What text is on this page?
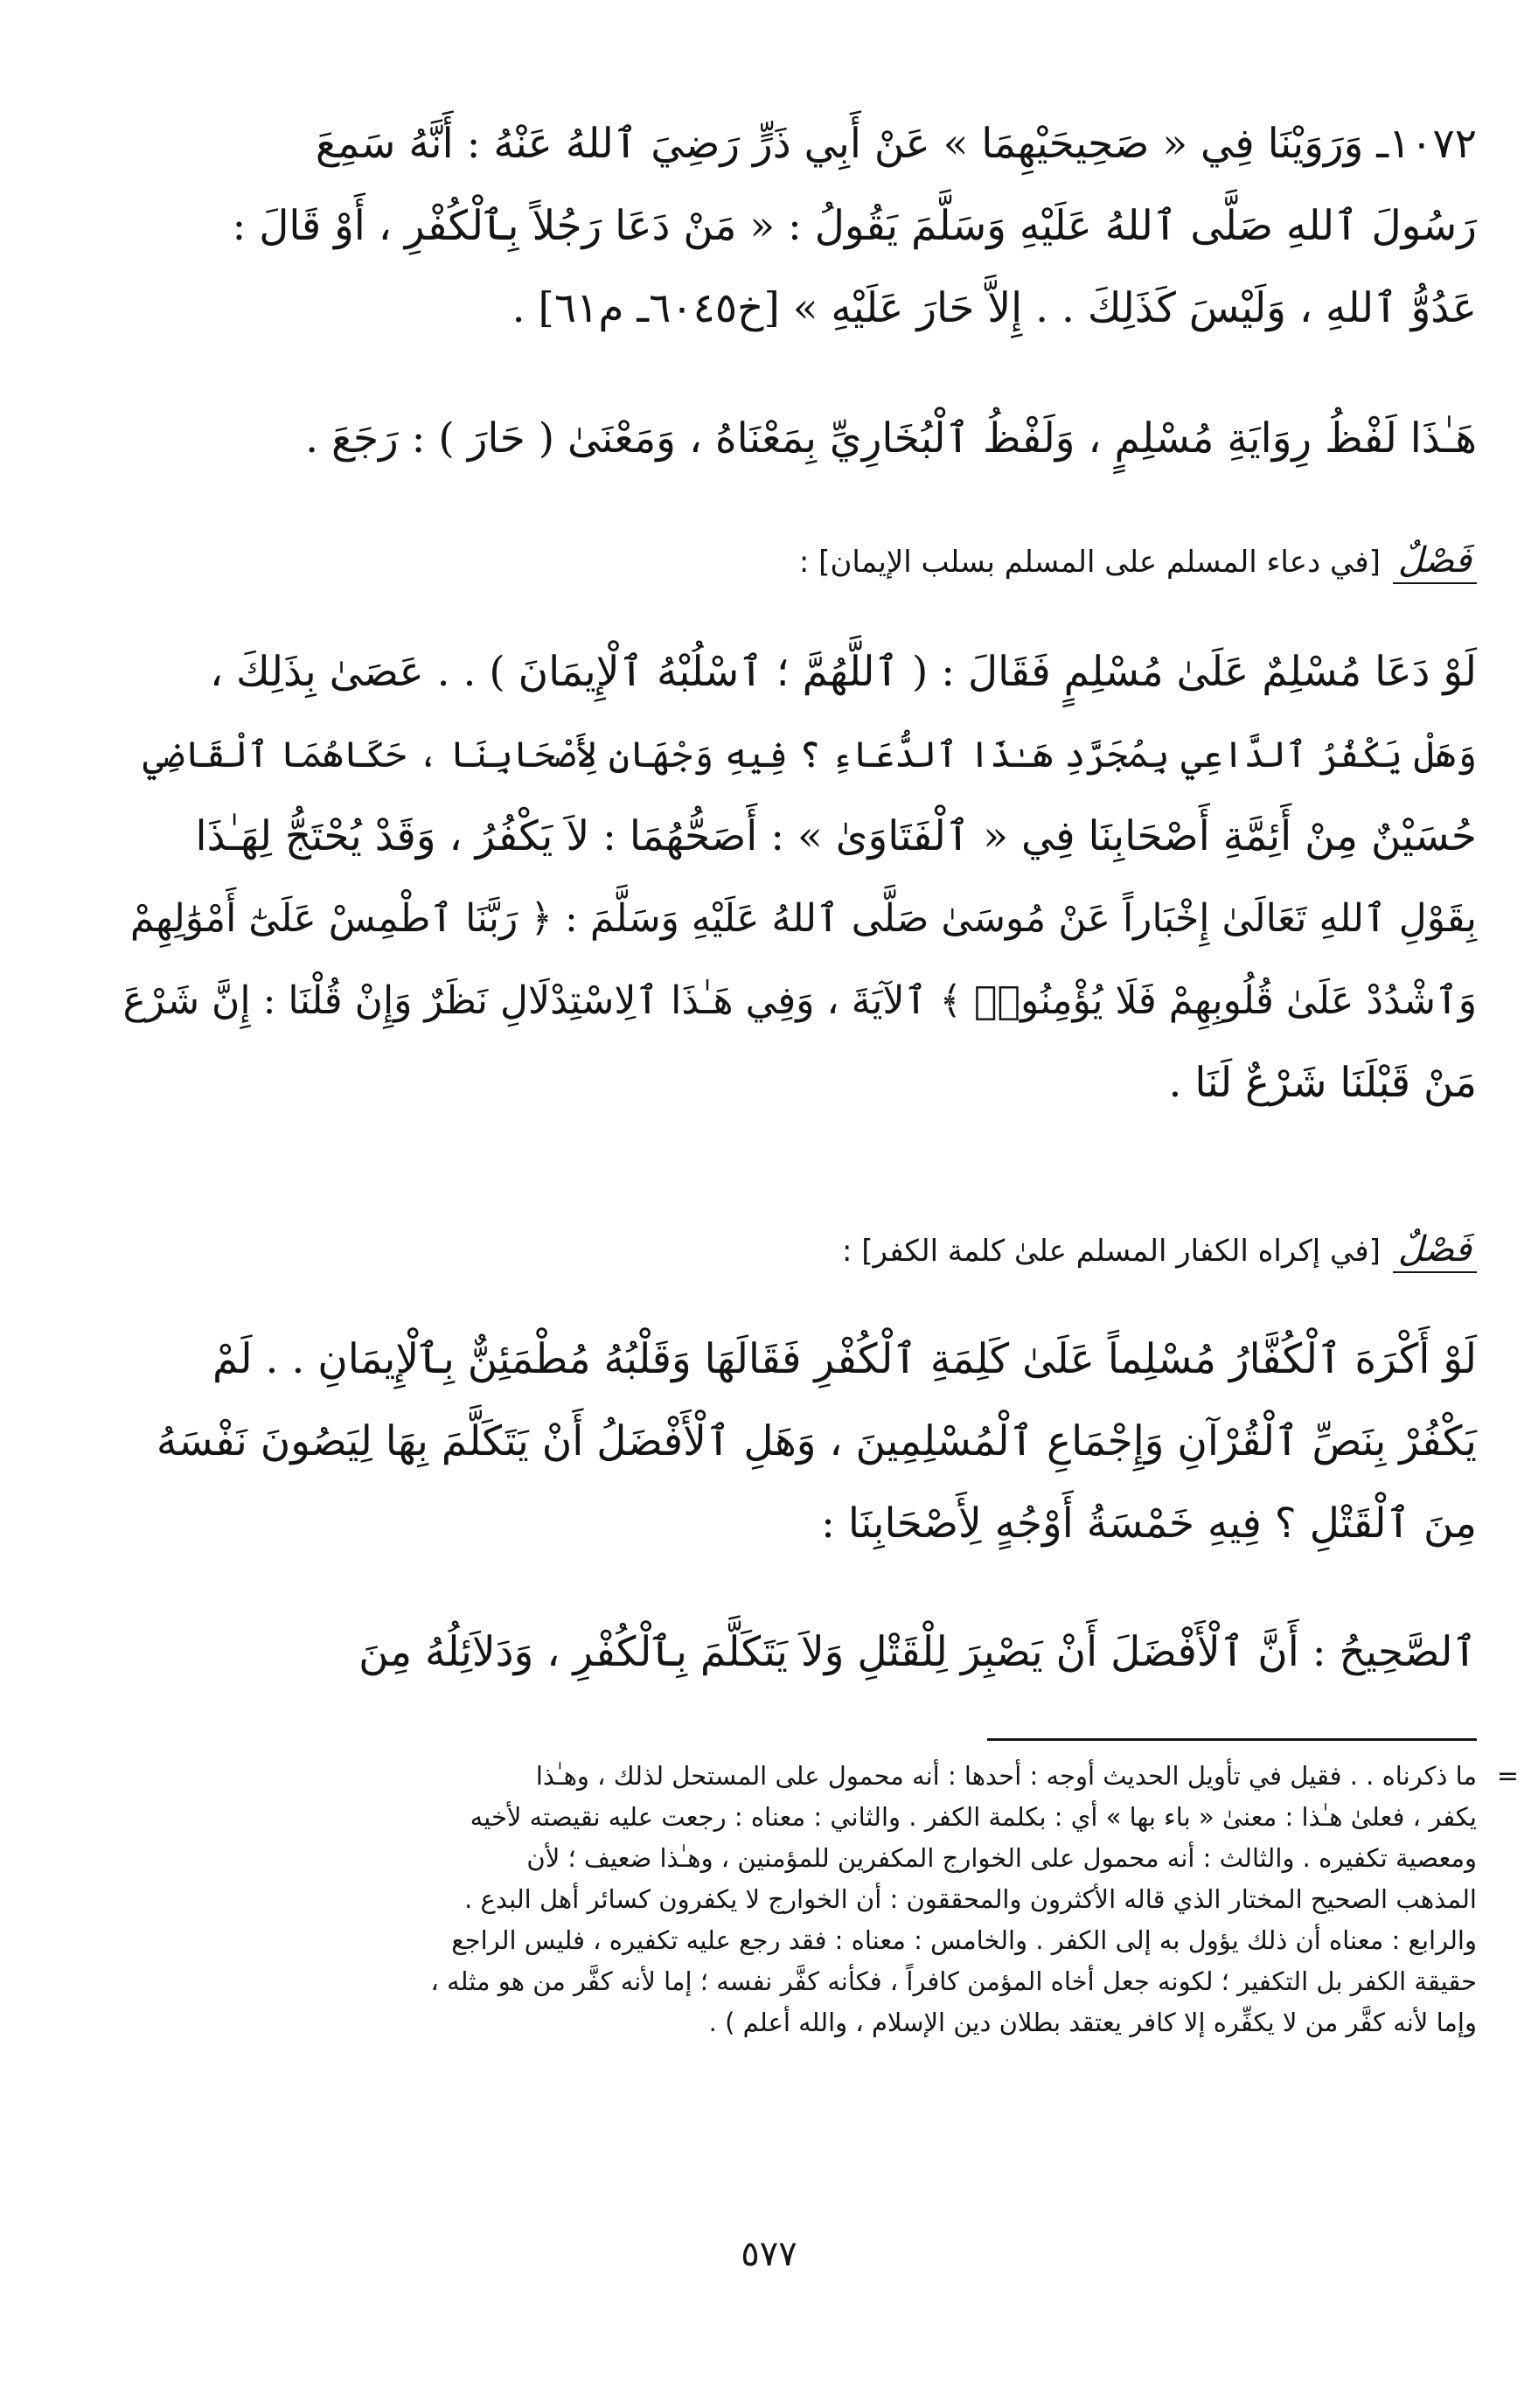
١٠٧٢ـ وَرَوَيْنَا فِي « صَحِيحَيْهِمَا » عَنْ أَبِي ذَرٍّ رَضِيَ ٱللهُ عَنْهُ : أَنَّهُ سَمِعَ
رَسُولَ ٱللهِ صَلَّى ٱللهُ عَلَيْهِ وَسَلَّمَ يَقُولُ : « مَنْ دَعَا رَجُلاً بِٱلْكُفْرِ ، أَوْ قَالَ :
عَدُوُّ ٱللهِ ، وَلَيْسَ كَذَلِكَ . . إِلاَّ حَارَ عَلَيْهِ » [خ٦٠٤٥ـ م٦١] .
هَـٰذَا لَفْظُ رِوَايَةِ مُسْلِمٍ ، وَلَفْظُ ٱلْبُخَارِيِّ بِمَعْنَاهُ ، وَمَعْنَىٰ ( حَارَ ) : رَجَعَ .
فَصْلٌ
[في دعاء المسلم على المسلم بسلب الإيمان] :
لَوْ دَعَا مُسْلِمٌ عَلَىٰ مُسْلِمٍ فَقَالَ : ( ٱللَّهُمَّ ؛ ٱسْلُبْهُ ٱلْإِيمَانَ ) . . عَصَىٰ بِذَلِكَ ،
وَهَلْ يَكْفُرُ ٱلدَّاعِي بِمُجَرَّدِ هَـٰذَا ٱلدُّعَاءِ ؟ فِيهِ وَجْهَانِ لِأَصْحَابِنَا ، حَكَاهُمَا ٱلْقَاضِي
حُسَيْنٌ مِنْ أَئِمَّةِ أَصْحَابِنَا فِي « ٱلْفَتَاوَىٰ » : أَصَحُّهُمَا : لاَ يَكْفُرُ ، وَقَدْ يُحْتَجُّ لِهَـٰذَا
بِقَوْلِ ٱللهِ تَعَالَىٰ إِخْبَاراً عَنْ مُوسَىٰ صَلَّى ٱللهُ عَلَيْهِ وَسَلَّمَ : ﴿ رَبَّنَا ٱطْمِسْ عَلَىٰٓ أَمْوَٰلِهِمْ
وَٱشْدُدْ عَلَىٰ قُلُوبِهِمْ فَلَا يُؤْمِنُوا۟ ﴾ ٱلآيَةَ ، وَفِي هَـٰذَا ٱلِاسْتِدْلَالِ نَظَرٌ وَإِنْ قُلْنَا : إِنَّ شَرْعَ
مَنْ قَبْلَنَا شَرْعٌ لَنَا .
فَصْلٌ
[في إكراه الكفار المسلم علىٰ كلمة الكفر] :
لَوْ أَكْرَهَ ٱلْكُفَّارُ مُسْلِماً عَلَىٰ كَلِمَةِ ٱلْكُفْرِ فَقَالَهَا وَقَلْبُهُ مُطْمَئِنٌّ بِٱلْإِيمَانِ . . لَمْ
يَكْفُرْ بِنَصِّ ٱلْقُرْآنِ وَإِجْمَاعِ ٱلْمُسْلِمِينَ ، وَهَلِ ٱلْأَفْضَلُ أَنْ يَتَكَلَّمَ بِهَا لِيَصُونَ نَفْسَهُ
مِنَ ٱلْقَتْلِ ؟ فِيهِ خَمْسَةُ أَوْجُهٍ لِأَصْحَابِنَا :
ٱلصَّحِيحُ : أَنَّ ٱلْأَفْضَلَ أَنْ يَصْبِرَ لِلْقَتْلِ وَلاَ يَتَكَلَّمَ بِٱلْكُفْرِ ، وَدَلاَئِلُهُ مِنَ
=
ما ذكرناه . . فقيل في تأويل الحديث أوجه : أحدها : أنه محمول على المستحل لذلك ، وهـٰذا
يكفر ، فعلىٰ هـٰذا : معنىٰ « باء بها » أي : بكلمة الكفر . والثاني : معناه : رجعت عليه نقيصته لأخيه
ومعصية تكفيره . والثالث : أنه محمول على الخوارج المكفرين للمؤمنين ، وهـٰذا ضعيف ؛ لأن
المذهب الصحيح المختار الذي قاله الأكثرون والمحققون : أن الخوارج لا يكفرون كسائر أهل البدع .
والرابع : معناه أن ذلك يؤول به إلى الكفر . والخامس : معناه : فقد رجع عليه تكفيره ، فليس الراجع
حقيقة الكفر بل التكفير ؛ لكونه جعل أخاه المؤمن كافراً ، فكأنه كفَّر نفسه ؛ إما لأنه كفَّر من هو مثله ،
وإما لأنه كفَّر من لا يكفِّره إلا كافر يعتقد بطلان دين الإسلام ، والله أعلم ) .
٥٧٧
